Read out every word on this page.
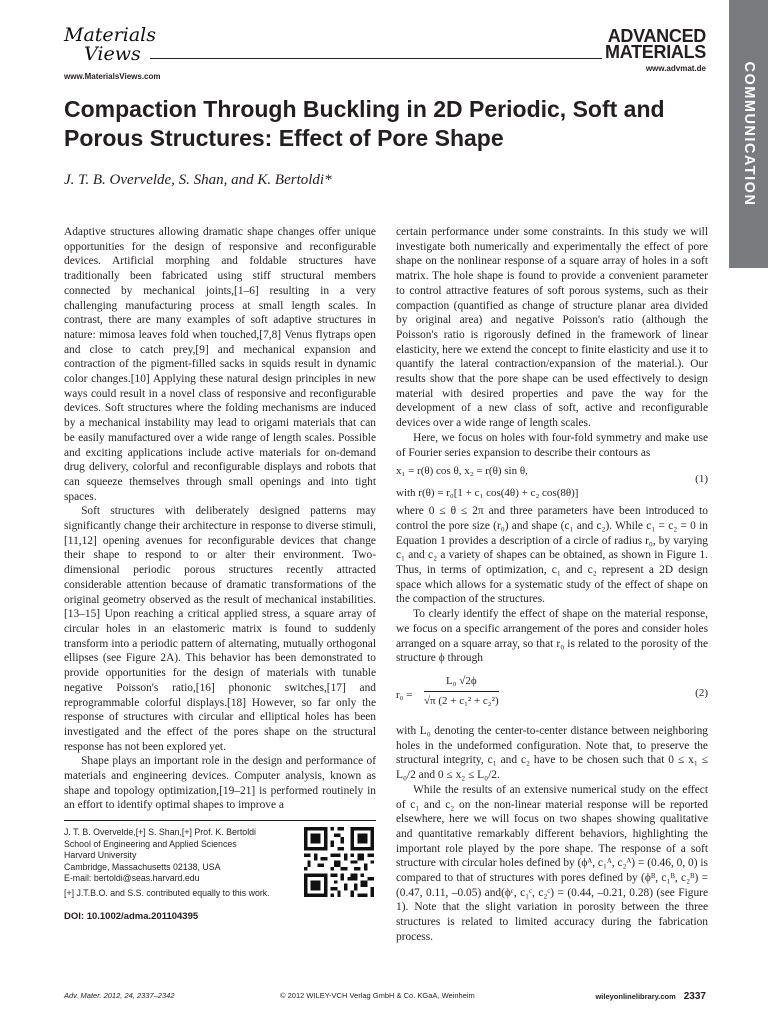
Materials
Views
www.MaterialsViews.com
ADVANCED
MATERIALS
www.advmat.de COMMUNICATION
Compaction Through Buckling in 2D Periodic, Soft and Porous Structures: Effect of Pore Shape
J. T. B. Overvelde, S. Shan, and K. Bertoldi*

Adaptive structures allowing dramatic shape changes offer unique opportunities for the design of responsive and reconfigurable devices. Artificial morphing and foldable structures have traditionally been fabricated using stiff structural members connected by mechanical joints,[1–6] resulting in a very challenging manufacturing process at small length scales. In contrast, there are many examples of soft adaptive structures in nature: mimosa leaves fold when touched,[7,8] Venus flytraps open and close to catch prey,[9] and mechanical expansion and contraction of the pigment-filled sacks in squids result in dynamic color changes.[10] Applying these natural design principles in new ways could result in a novel class of responsive and reconfigurable devices. Soft structures where the folding mechanisms are induced by a mechanical instability may lead to origami materials that can be easily manufactured over a wide range of length scales. Possible and exciting applications include active materials for on-demand drug delivery, colorful and reconfigurable displays and robots that can squeeze themselves through small openings and into tight spaces.

Soft structures with deliberately designed patterns may significantly change their architecture in response to diverse stimuli,[11,12] opening avenues for reconfigurable devices that change their shape to respond to or alter their environment. Two-dimensional periodic porous structures recently attracted considerable attention because of dramatic transformations of the original geometry observed as the result of mechanical instabilities.[13–15] Upon reaching a critical applied stress, a square array of circular holes in an elastomeric matrix is found to suddenly transform into a periodic pattern of alternating, mutually orthogonal ellipses (see Figure 2A). This behavior has been demonstrated to provide opportunities for the design of materials with tunable negative Poisson's ratio,[16] phononic switches,[17] and reprogrammable colorful displays.[18] However, so far only the response of structures with circular and elliptical holes has been investigated and the effect of the pores shape on the structural response has not been explored yet.

Shape plays an important role in the design and performance of materials and engineering devices. Computer analysis, known as shape and topology optimization,[19–21] is performed routinely in an effort to identify optimal shapes to improve a

certain performance under some constraints. In this study we will investigate both numerically and experimentally the effect of pore shape on the nonlinear response of a square array of holes in a soft matrix. The hole shape is found to provide a convenient parameter to control attractive features of soft porous systems, such as their compaction (quantified as change of structure planar area divided by original area) and negative Poisson's ratio (although the Poisson's ratio is rigorously defined in the framework of linear elasticity, here we extend the concept to finite elasticity and use it to quantify the lateral contraction/expansion of the material.). Our results show that the pore shape can be used effectively to design material with desired properties and pave the way for the development of a new class of soft, active and reconfigurable devices over a wide range of length scales.

Here, we focus on holes with four-fold symmetry and make use of Fourier series expansion to describe their contours as

x₁ = r(θ) cos θ, x₂ = r(θ) sin θ,
with r(θ) = r₀[1 + c₁ cos(4θ) + c₂ cos(8θ)]
(1)

where 0 ≤ θ ≤ 2π and three parameters have been introduced to control the pore size (r₀) and shape (c₁ and c₂). While c₁ = c₂ = 0 in Equation 1 provides a description of a circle of radius r₀, by varying c₁ and c₂ a variety of shapes can be obtained, as shown in Figure 1. Thus, in terms of optimization, c₁ and c₂ represent a 2D design space which allows for a systematic study of the effect of shape on the compaction of the structures.

To clearly identify the effect of shape on the material response, we focus on a specific arrangement of the pores and consider holes arranged on a square array, so that r₀ is related to the porosity of the structure ϕ through

$r_0 = \frac{\text{L₀ √2ϕ}}{\text{√π (2 + c₁² + c₂²)}}$	(2)

with L₀ denoting the center-to-center distance between neighboring holes in the undeformed configuration. Note that, to preserve the structural integrity, c₁ and c₂ have to be chosen such that 0 ≤ x₁ ≤ L₀/2 and 0 ≤ x₂ ≤ L₀/2.

While the results of an extensive numerical study on the effect of c₁ and c₂ on the non-linear material response will be reported elsewhere, here we will focus on two shapes showing qualitative and quantitative remarkably different behaviors, highlighting the important role played by the pore shape. The response of a soft structure with circular holes defined by (ϕᴬ, c₁ᴬ, c₂ᴬ) = (0.46, 0, 0) is compared to that of structures with pores defined by (ϕᴮ, c₁ᴮ, c₂ᴮ) = (0.47, 0.11, –0.05) and(ϕᶜ, c₁ᶜ, c₂ᶜ) = (0.44, –0.21, 0.28) (see Figure 1). Note that the slight variation in porosity between the three structures is related to limited accuracy during the fabrication process.

J. T. B. Overvelde,[+] S. Shan,[+] Prof. K. Bertoldi
School of Engineering and Applied Sciences
Harvard University
Cambridge, Massachusetts 02138, USA
E-mail: bertoldi@seas.harvard.edu
[+] J.T.B.O. and S.S. contributed equally to this work.
DOI: 10.1002/adma.201104395
Adv. Mater. 2012, 24, 2337–2342	© 2012 WILEY-VCH Verlag GmbH & Co. KGaA, Weinheim	wileyonlinelibrary.com 2337
